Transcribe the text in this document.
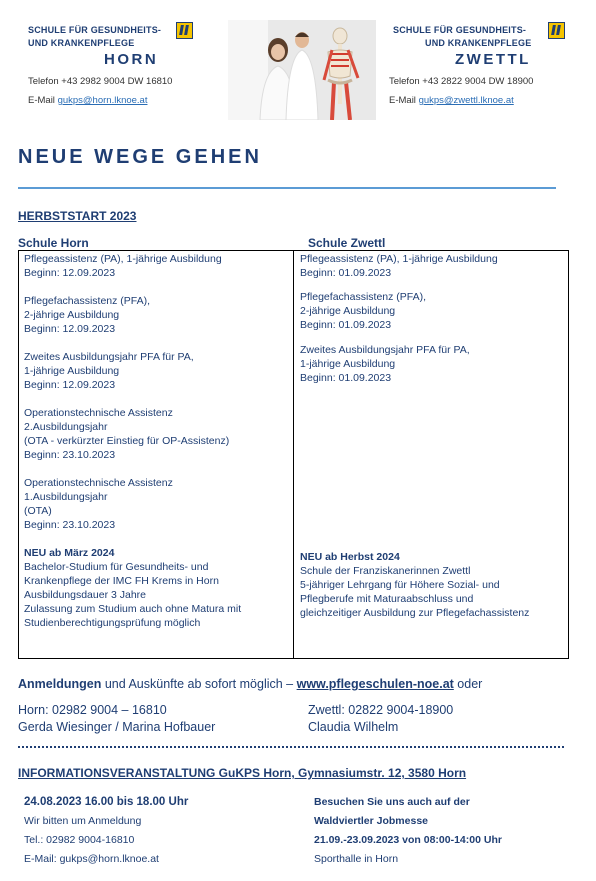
SCHULE FÜR GESUNDHEITS-
UND KRANKENPFLEGE
HORN
Telefon +43 2982 9004 DW 16810
E-Mail gukps@horn.lknoe.at
SCHULE FÜR GESUNDHEITS-
UND KRANKENPFLEGE
ZWETTL
Telefon +43 2822 9004 DW 18900
E-Mail gukps@zwettl.lknoe.at
NEUE WEGE GEHEN
HERBSTSTART 2023
Schule Horn	Schule Zwettl
Pflegeassistenz (PA), 1-jährige Ausbildung
Beginn: 12.09.2023
Pflegefachassistenz (PFA),
2-jährige Ausbildung
Beginn: 12.09.2023
Zweites Ausbildungsjahr PFA für PA,
1-jährige Ausbildung
Beginn: 12.09.2023
Operationstechnische Assistenz
2.Ausbildungsjahr
(OTA - verkürzter Einstieg für OP-Assistenz)
Beginn: 23.10.2023
Operationstechnische Assistenz
1.Ausbildungsjahr
(OTA)
Beginn: 23.10.2023
NEU ab März 2024
Bachelor-Studium für Gesundheits- und
Krankenpflege der IMC FH Krems in Horn
Ausbildungsdauer 3 Jahre
Zulassung zum Studium auch ohne Matura mit
Studienberechtigungsprüfung möglich
Pflegeassistenz (PA), 1-jährige Ausbildung
Beginn: 01.09.2023
Pflegefachassistenz (PFA),
2-jährige Ausbildung
Beginn: 01.09.2023
Zweites Ausbildungsjahr PFA für PA,
1-jährige Ausbildung
Beginn: 01.09.2023
NEU ab Herbst 2024
Schule der Franziskanerinnen Zwettl
5-jähriger Lehrgang für Höhere Sozial- und
Pflegberufe mit Maturaabschluss und
gleichzeitiger Ausbildung zur Pflegefachassistenz
Anmeldungen und Auskünfte ab sofort möglich – www.pflegeschulen-noe.at oder
Horn: 02982 9004 – 16810
Gerda Wiesinger / Marina Hofbauer
Zwettl: 02822 9004-18900
Claudia Wilhelm
INFORMATIONSVERANSTALTUNG GuKPS Horn, Gymnasiumstr. 12, 3580 Horn
24.08.2023 16.00 bis 18.00 Uhr
Wir bitten um Anmeldung
Tel.: 02982 9004-16810
E-Mail: gukps@horn.lknoe.at
Besuchen Sie uns auch auf der
Waldviertler Jobmesse
21.09.-23.09.2023 von 08:00-14:00 Uhr
Sporthalle in Horn
